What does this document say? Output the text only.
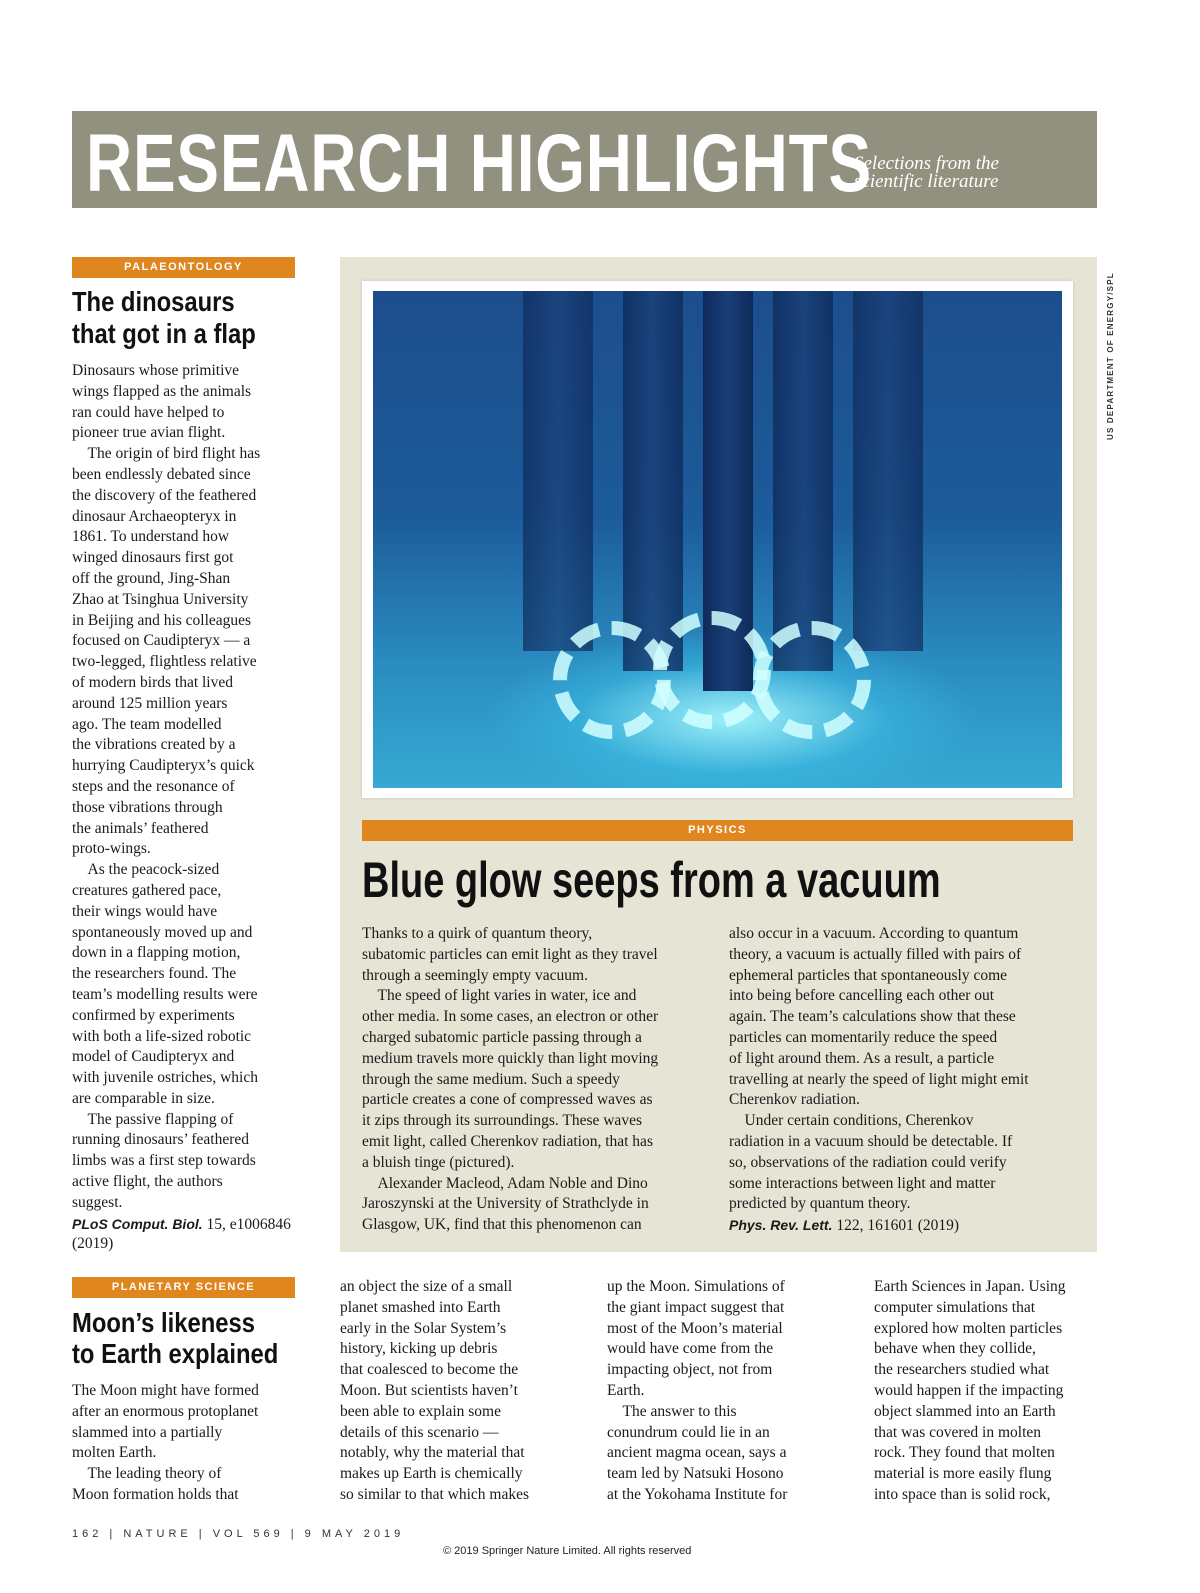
RESEARCH HIGHLIGHTS
Selections from the
scientific literature
PALAEONTOLOGY
The dinosaurs
that got in a flap
Dinosaurs whose primitive
wings flapped as the animals
ran could have helped to
pioneer true avian flight.
 The origin of bird flight has
been endlessly debated since
the discovery of the feathered
dinosaur Archaeopteryx in
1861. To understand how
winged dinosaurs first got
off the ground, Jing-Shan
Zhao at Tsinghua University
in Beijing and his colleagues
focused on Caudipteryx — a
two-legged, flightless relative
of modern birds that lived
around 125 million years
ago. The team modelled
the vibrations created by a
hurrying Caudipteryx’s quick
steps and the resonance of
those vibrations through
the animals’ feathered
proto-wings.
 As the peacock-sized
creatures gathered pace,
their wings would have
spontaneously moved up and
down in a flapping motion,
the researchers found. The
team’s modelling results were
confirmed by experiments
with both a life-sized robotic
model of Caudipteryx and
with juvenile ostriches, which
are comparable in size.
 The passive flapping of
running dinosaurs’ feathered
limbs was a first step towards
active flight, the authors
suggest.
PLoS Comput. Biol. 15, e1006846
(2019)
US DEPARTMENT OF ENERGY/SPL
PHYSICS
Blue glow seeps from a vacuum
Thanks to a quirk of quantum theory,
subatomic particles can emit light as they travel
through a seemingly empty vacuum.
 The speed of light varies in water, ice and
other media. In some cases, an electron or other
charged subatomic particle passing through a
medium travels more quickly than light moving
through the same medium. Such a speedy
particle creates a cone of compressed waves as
it zips through its surroundings. These waves
emit light, called Cherenkov radiation, that has
a bluish tinge (pictured).
 Alexander Macleod, Adam Noble and Dino
Jaroszynski at the University of Strathclyde in
Glasgow, UK, find that this phenomenon can
also occur in a vacuum. According to quantum
theory, a vacuum is actually filled with pairs of
ephemeral particles that spontaneously come
into being before cancelling each other out
again. The team’s calculations show that these
particles can momentarily reduce the speed
of light around them. As a result, a particle
travelling at nearly the speed of light might emit
Cherenkov radiation.
 Under certain conditions, Cherenkov
radiation in a vacuum should be detectable. If
so, observations of the radiation could verify
some interactions between light and matter
predicted by quantum theory.
Phys. Rev. Lett. 122, 161601 (2019)
PLANETARY SCIENCE
Moon’s likeness
to Earth explained
The Moon might have formed
after an enormous protoplanet
slammed into a partially
molten Earth.
 The leading theory of
Moon formation holds that
an object the size of a small
planet smashed into Earth
early in the Solar System’s
history, kicking up debris
that coalesced to become the
Moon. But scientists haven’t
been able to explain some
details of this scenario —
notably, why the material that
makes up Earth is chemically
so similar to that which makes
up the Moon. Simulations of
the giant impact suggest that
most of the Moon’s material
would have come from the
impacting object, not from
Earth.
 The answer to this
conundrum could lie in an
ancient magma ocean, says a
team led by Natsuki Hosono
at the Yokohama Institute for
Earth Sciences in Japan. Using
computer simulations that
explored how molten particles
behave when they collide,
the researchers studied what
would happen if the impacting
object slammed into an Earth
that was covered in molten
rock. They found that molten
material is more easily flung
into space than is solid rock,
162 | NATURE | VOL 569 | 9 MAY 2019
© 2019 Springer Nature Limited. All rights reserved
